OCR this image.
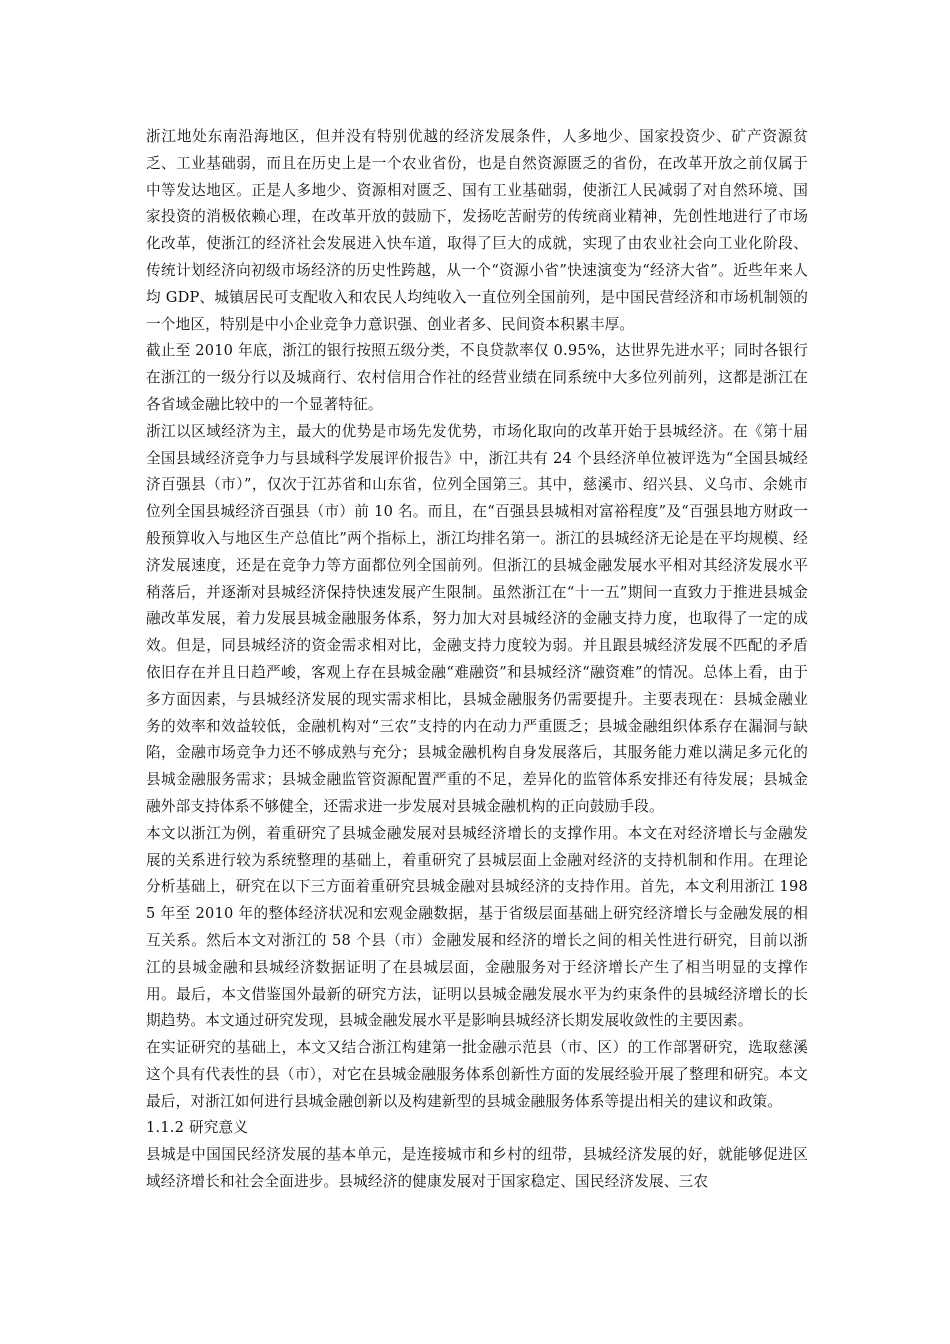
浙江地处东南沿海地区，但并没有特别优越的经济发展条件，人多地少、国家投资少、矿产资源贫乏、工业基础弱，而且在历史上是一个农业省份，也是自然资源匮乏的省份，在改革开放之前仅属于中等发达地区。正是人多地少、资源相对匮乏、国有工业基础弱，使浙江人民减弱了对自然环境、国家投资的消极依赖心理，在改革开放的鼓励下，发扬吃苦耐劳的传统商业精神，先创性地进行了市场化改革，使浙江的经济社会发展进入快车道，取得了巨大的成就，实现了由农业社会向工业化阶段、传统计划经济向初级市场经济的历史性跨越，从一个“资源小省”快速演变为“经济大省”。近些年来人均 GDP、城镇居民可支配收入和农民人均纯收入一直位列全国前列，是中国民营经济和市场机制领的一个地区，特别是中小企业竞争力意识强、创业者多、民间资本积累丰厚。

截止至 2010 年底，浙江的银行按照五级分类，不良贷款率仅 0.95%，达世界先进水平；同时各银行在浙江的一级分行以及城商行、农村信用合作社的经营业绩在同系统中大多位列前列，这都是浙江在各省域金融比较中的一个显著特征。

浙江以区域经济为主，最大的优势是市场先发优势，市场化取向的改革开始于县城经济。在《第十届全国县域经济竞争力与县域科学发展评价报告》中，浙江共有 24 个县经济单位被评选为“全国县城经济百强县（市）”，仅次于江苏省和山东省，位列全国第三。其中，慈溪市、绍兴县、义乌市、余姚市位列全国县城经济百强县（市）前 10 名。而且，在“百强县县城相对富裕程度”及“百强县地方财政一般预算收入与地区生产总值比”两个指标上，浙江均排名第一。浙江的县城经济无论是在平均规模、经济发展速度，还是在竞争力等方面都位列全国前列。但浙江的县城金融发展水平相对其经济发展水平稍落后，并逐渐对县城经济保持快速发展产生限制。虽然浙江在“十一五”期间一直致力于推进县城金融改革发展，着力发展县城金融服务体系，努力加大对县城经济的金融支持力度，也取得了一定的成效。但是，同县城经济的资金需求相对比，金融支持力度较为弱。并且跟县城经济发展不匹配的矛盾依旧存在并且日趋严峻，客观上存在县城金融“难融资”和县城经济“融资难”的情况。总体上看，由于多方面因素，与县城经济发展的现实需求相比，县城金融服务仍需要提升。主要表现在：县城金融业务的效率和效益较低，金融机构对“三农”支持的内在动力严重匮乏；县城金融组织体系存在漏洞与缺陷，金融市场竞争力还不够成熟与充分；县城金融机构自身发展落后，其服务能力难以满足多元化的县城金融服务需求；县城金融监管资源配置严重的不足，差异化的监管体系安排还有待发展；县城金融外部支持体系不够健全，还需求进一步发展对县城金融机构的正向鼓励手段。

本文以浙江为例，着重研究了县城金融发展对县城经济增长的支撑作用。本文在对经济增长与金融发展的关系进行较为系统整理的基础上，着重研究了县城层面上金融对经济的支持机制和作用。在理论分析基础上，研究在以下三方面着重研究县城金融对县城经济的支持作用。首先，本文利用浙江 1985 年至 2010 年的整体经济状况和宏观金融数据，基于省级层面基础上研究经济增长与金融发展的相互关系。然后本文对浙江的 58 个县（市）金融发展和经济的增长之间的相关性进行研究，目前以浙江的县城金融和县城经济数据证明了在县城层面，金融服务对于经济增长产生了相当明显的支撑作用。最后，本文借鉴国外最新的研究方法，证明以县城金融发展水平为约束条件的县城经济增长的长期趋势。本文通过研究发现，县城金融发展水平是影响县城经济长期发展收敛性的主要因素。

在实证研究的基础上，本文又结合浙江构建第一批金融示范县（市、区）的工作部署研究，选取慈溪这个具有代表性的县（市），对它在县城金融服务体系创新性方面的发展经验开展了整理和研究。本文最后，对浙江如何进行县城金融创新以及构建新型的县城金融服务体系等提出相关的建议和政策。

1.1.2 研究意义

县城是中国国民经济发展的基本单元，是连接城市和乡村的纽带，县城经济发展的好，就能够促进区域经济增长和社会全面进步。县城经济的健康发展对于国家稳定、国民经济发展、三农
